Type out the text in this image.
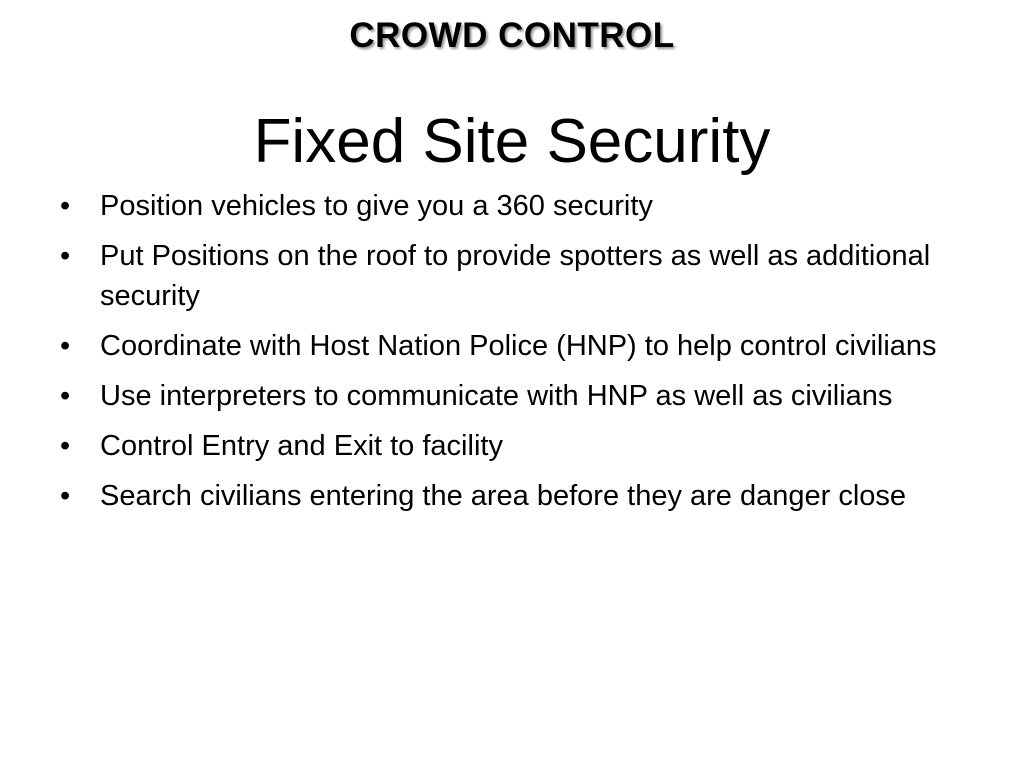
CROWD CONTROL
Fixed Site Security
• Position vehicles to give you a 360 security
• Put Positions on the roof to provide spotters as well as additional security
• Coordinate with Host Nation Police (HNP) to help control civilians
• Use interpreters to communicate with HNP as well as civilians
• Control Entry and Exit to facility
• Search civilians entering the area before they are danger close
